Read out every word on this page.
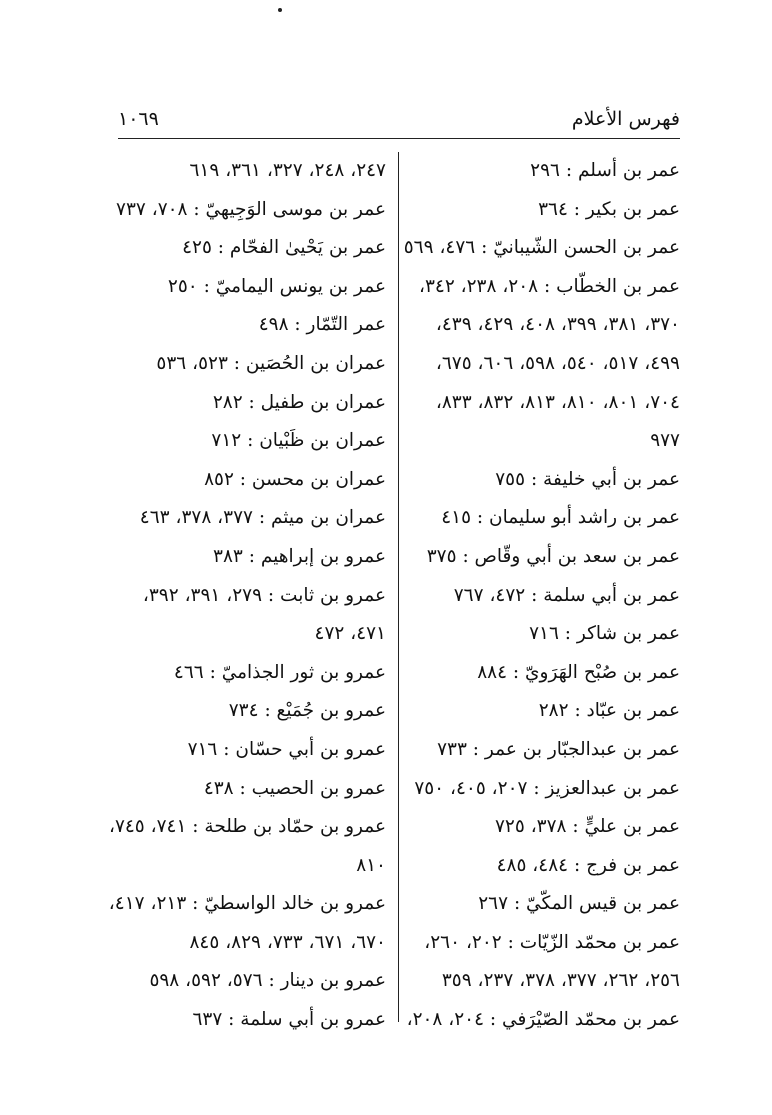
فهرس الأعلام
١٠٦٩
عمر بن أسلم : ٢٩٦
عمر بن بكير : ٣٦٤
عمر بن الحسن الشّيبانيّ : ٤٧٦، ٥٦٩
عمر بن الخطّاب : ٢٠٨، ٢٣٨، ٣٤٢،
٣٧٠، ٣٨١، ٣٩٩، ٤٠٨، ٤٢٩، ٤٣٩،
٤٩٩، ٥١٧، ٥٤٠، ٥٩٨، ٦٠٦، ٦٧٥،
٧٠٤، ٨٠١، ٨١٠، ٨١٣، ٨٣٢، ٨٣٣،
٩٧٧
عمر بن أبي خليفة : ٧٥٥
عمر بن راشد أبو سليمان : ٤١٥
عمر بن سعد بن أبي وقّاص : ٣٧٥
عمر بن أبي سلمة : ٤٧٢، ٧٦٧
عمر بن شاكر : ٧١٦
عمر بن صُبْح الهَرَويّ : ٨٨٤
عمر بن عبّاد : ٢٨٢
عمر بن عبدالجبّار بن عمر : ٧٣٣
عمر بن عبدالعزيز : ٢٠٧، ٤٠٥، ٧٥٠
عمر بن عليٍّ : ٣٧٨، ٧٢٥
عمر بن فرج : ٤٨٤، ٤٨٥
عمر بن قيس المكّيّ : ٢٦٧
عمر بن محمّد الزّيّات : ٢٠٢، ٢٦٠،
٢٥٦، ٢٦٢، ٣٧٧، ٣٧٨، ٢٣٧، ٣٥٩
عمر بن محمّد الصّيْرَفي : ٢٠٤، ٢٠٨،
٢٤٧، ٢٤٨، ٣٢٧، ٣٦١، ٦١٩
عمر بن موسى الوَجِيهيّ : ٧٠٨، ٧٣٧
عمر بن يَحْيىٰ الفحّام : ٤٢٥
عمر بن يونس اليماميّ : ٢٥٠
عمر التّمّار : ٤٩٨
عمران بن الحُصَين : ٥٢٣، ٥٣٦
عمران بن طفيل : ٢٨٢
عمران بن ظَبْيان : ٧١٢
عمران بن محسن : ٨٥٢
عمران بن ميثم : ٣٧٧، ٣٧٨، ٤٦٣
عمرو بن إبراهيم : ٣٨٣
عمرو بن ثابت : ٢٧٩، ٣٩١، ٣٩٢،
٤٧١، ٤٧٢
عمرو بن ثور الجذاميّ : ٤٦٦
عمرو بن جُمَيْع : ٧٣٤
عمرو بن أبي حسّان : ٧١٦
عمرو بن الحصيب : ٤٣٨
عمرو بن حمّاد بن طلحة : ٧٤١، ٧٤٥،
٨١٠
عمرو بن خالد الواسطيّ : ٢١٣، ٤١٧،
٦٧٠، ٦٧١، ٧٣٣، ٨٢٩، ٨٤٥
عمرو بن دينار : ٥٧٦، ٥٩٢، ٥٩٨
عمرو بن أبي سلمة : ٦٣٧
